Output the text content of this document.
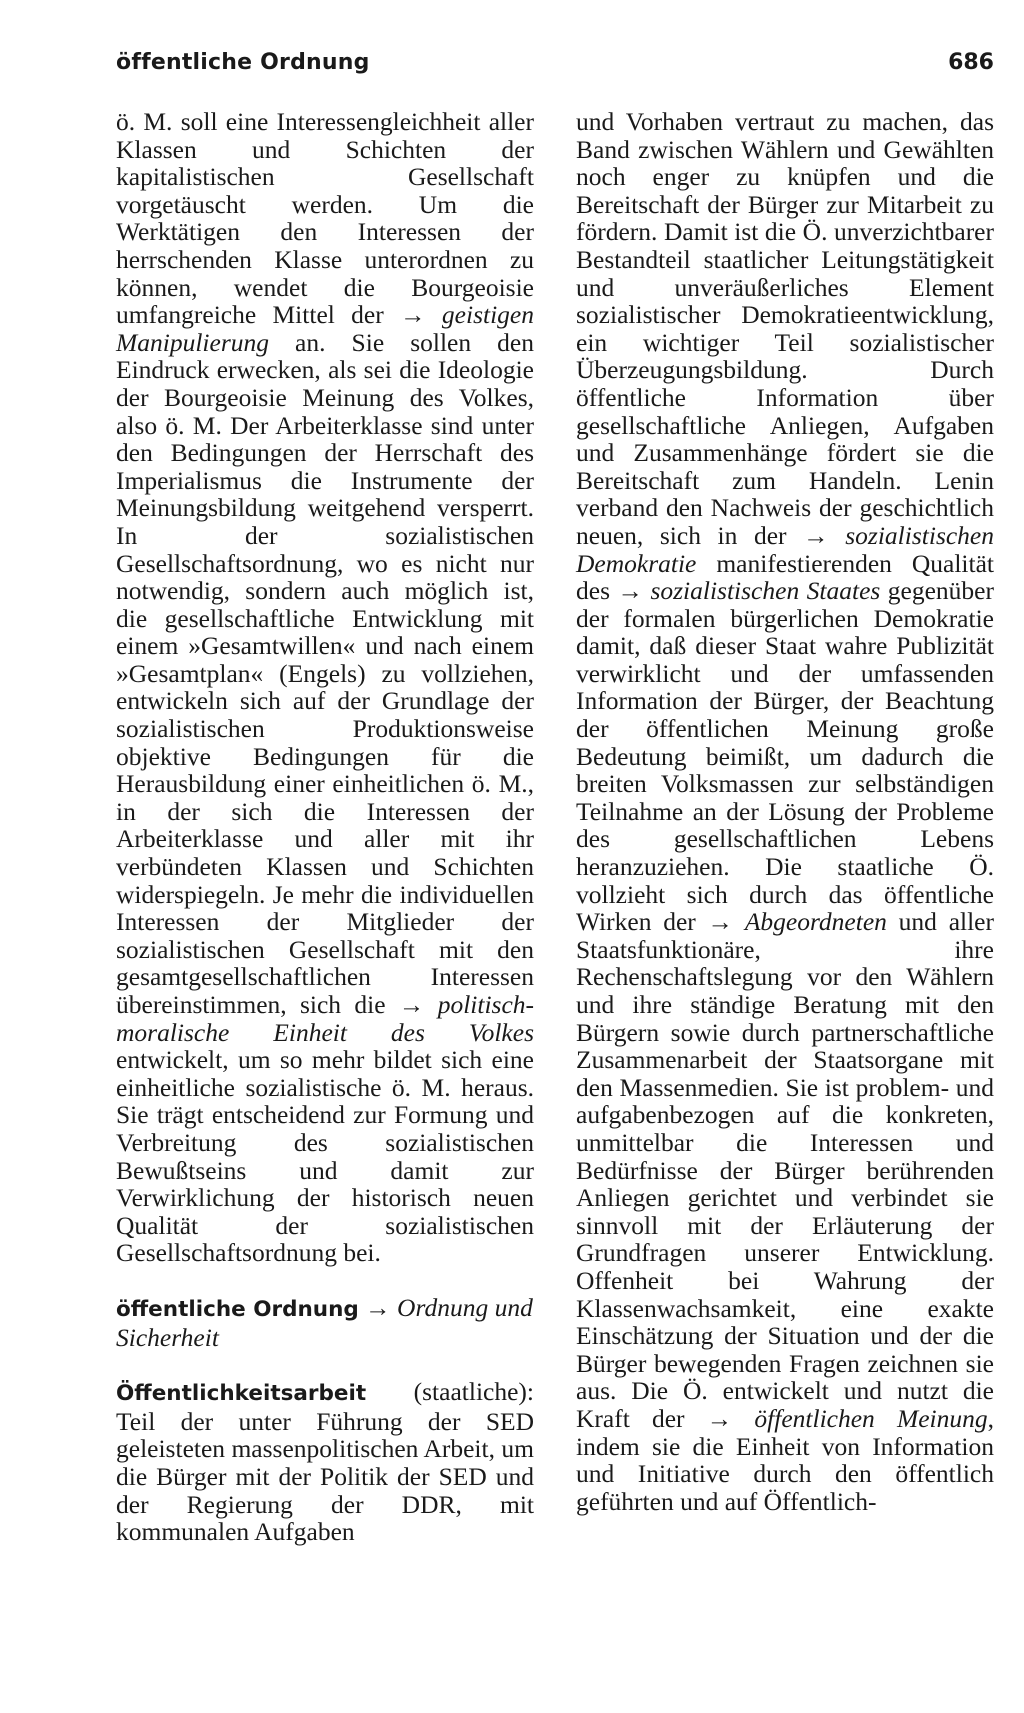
öffentliche Ordnung	686

ö. M. soll eine Interessengleichheit aller Klassen und Schichten der kapitalistischen Gesellschaft vorgetäuscht werden. Um die Werktätigen den Interessen der herrschenden Klasse unterordnen zu können, wendet die Bourgeoisie umfangreiche Mittel der → geistigen Manipulierung an. Sie sollen den Eindruck erwecken, als sei die Ideologie der Bourgeoisie Meinung des Volkes, also ö. M. Der Arbeiterklasse sind unter den Bedingungen der Herrschaft des Imperialismus die Instrumente der Meinungsbildung weitgehend versperrt. In der sozialistischen Gesellschaftsordnung, wo es nicht nur notwendig, sondern auch möglich ist, die gesellschaftliche Entwicklung mit einem »Gesamtwillen« und nach einem »Gesamtplan« (Engels) zu vollziehen, entwickeln sich auf der Grundlage der sozialistischen Produktionsweise objektive Bedingungen für die Herausbildung einer einheitlichen ö. M., in der sich die Interessen der Arbeiterklasse und aller mit ihr verbündeten Klassen und Schichten widerspiegeln. Je mehr die individuellen Interessen der Mitglieder der sozialistischen Gesellschaft mit den gesamtgesellschaftlichen Interessen übereinstimmen, sich die → politisch-moralische Einheit des Volkes entwickelt, um so mehr bildet sich eine einheitliche sozialistische ö. M. heraus. Sie trägt entscheidend zur Formung und Verbreitung des sozialistischen Bewußtseins und damit zur Verwirklichung der historisch neuen Qualität der sozialistischen Gesellschaftsordnung bei.

öffentliche Ordnung → Ordnung und Sicherheit

Öffentlichkeitsarbeit (staatliche): Teil der unter Führung der SED geleisteten massenpolitischen Arbeit, um die Bürger mit der Politik der SED und der Regierung der DDR, mit kommunalen Aufgaben

und Vorhaben vertraut zu machen, das Band zwischen Wählern und Gewählten noch enger zu knüpfen und die Bereitschaft der Bürger zur Mitarbeit zu fördern. Damit ist die Ö. unverzichtbarer Bestandteil staatlicher Leitungstätigkeit und unveräußerliches Element sozialistischer Demokratieentwicklung, ein wichtiger Teil sozialistischer Überzeugungsbildung. Durch öffentliche Information über gesellschaftliche Anliegen, Aufgaben und Zusammenhänge fördert sie die Bereitschaft zum Handeln. Lenin verband den Nachweis der geschichtlich neuen, sich in der → sozialistischen Demokratie manifestierenden Qualität des → sozialistischen Staates gegenüber der formalen bürgerlichen Demokratie damit, daß dieser Staat wahre Publizität verwirklicht und der umfassenden Information der Bürger, der Beachtung der öffentlichen Meinung große Bedeutung beimißt, um dadurch die breiten Volksmassen zur selbständigen Teilnahme an der Lösung der Probleme des gesellschaftlichen Lebens heranzuziehen. Die staatliche Ö. vollzieht sich durch das öffentliche Wirken der → Abgeordneten und aller Staatsfunktionäre, ihre Rechenschaftslegung vor den Wählern und ihre ständige Beratung mit den Bürgern sowie durch partnerschaftliche Zusammenarbeit der Staatsorgane mit den Massenmedien. Sie ist problem- und aufgabenbezogen auf die konkreten, unmittelbar die Interessen und Bedürfnisse der Bürger berührenden Anliegen gerichtet und verbindet sie sinnvoll mit der Erläuterung der Grundfragen unserer Entwicklung. Offenheit bei Wahrung der Klassenwachsamkeit, eine exakte Einschätzung der Situation und der die Bürger bewegenden Fragen zeichnen sie aus. Die Ö. entwickelt und nutzt die Kraft der → öffentlichen Meinung, indem sie die Einheit von Information und Initiative durch den öffentlich geführten und auf Öffentlich-
